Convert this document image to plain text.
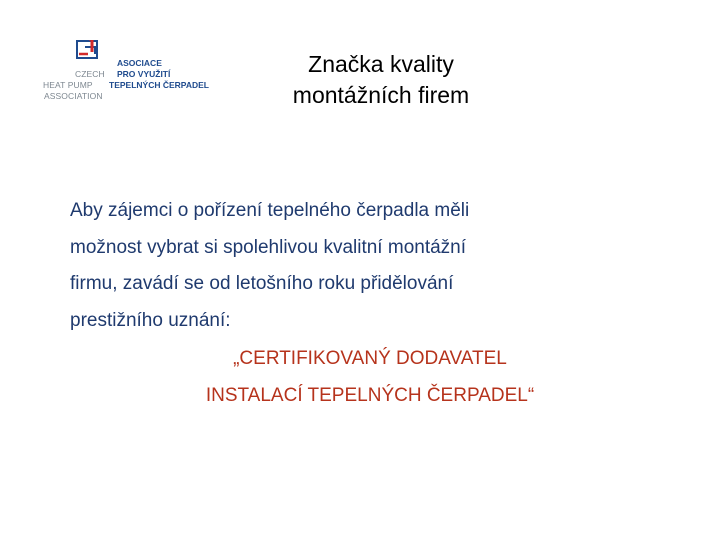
ASOCIACE
CZECH PRO VYUŽITÍ
HEAT PUMP TEPELNÝCH ČERPADEL
ASSOCIATION
Značka kvality
montážních firem
Aby zájemci o pořízení tepelného čerpadla měli
možnost vybrat si spolehlivou kvalitní montážní
firmu, zavádí se od letošního roku přidělování
prestižního uznání:
„CERTIFIKOVANÝ DODAVATEL
INSTALACÍ TEPELNÝCH ČERPADEL“
